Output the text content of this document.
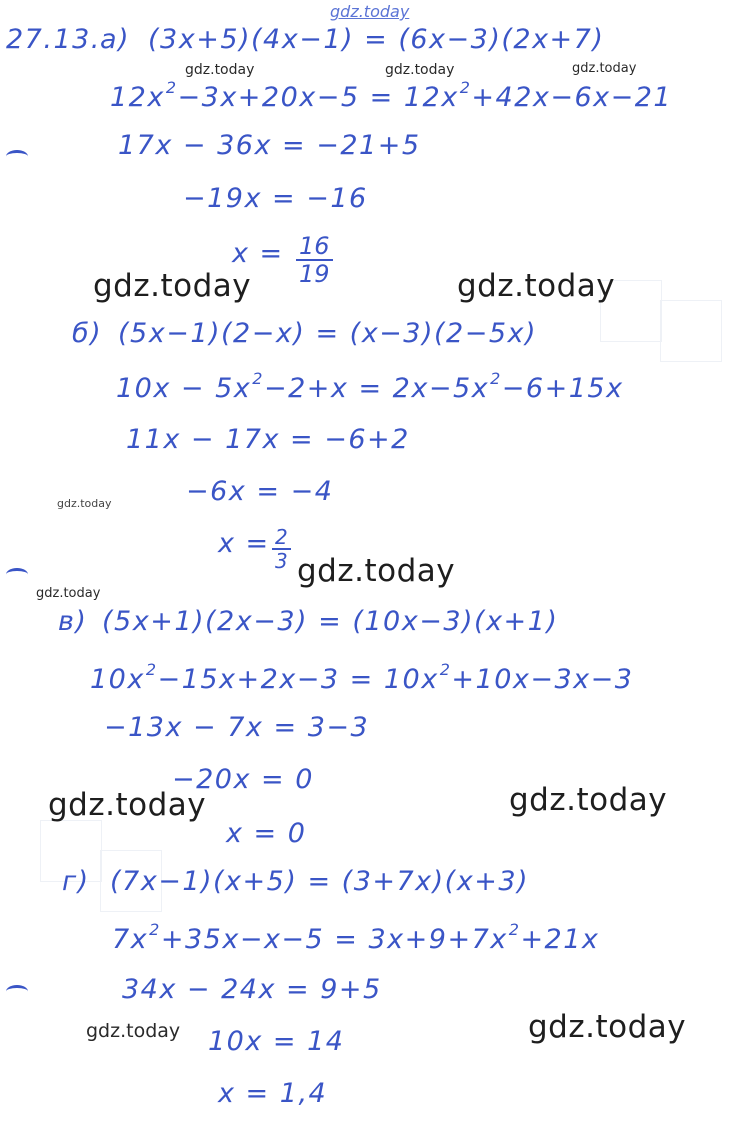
gdz.today
gdz.today	gdz.today	gdz.today
gdz.today	gdz.today
gdz.today
gdz.today
gdz.today
gdz.today	gdz.today
gdz.today	gdz.today
27.13. а) (3x+5)(4x−1) = (6x−3)(2x+7)
$12x^2-3x+20x-5 = 12x^2+42x-6x-21$
17x − 36x = −21+5
−19x = −16
$x = \frac{16}{19}$
б) (5x−1)(2−x) = (x−3)(2−5x)
$10x - 5x^2-2+x = 2x-5x^2-6+15x$
11x − 17x = −6+2
−6x = −4
$x = \frac{2}{3}$
в) (5x+1)(2x−3) = (10x−3)(x+1)
$10x^2-15x+2x-3 = 10x^2+10x-3x-3$
−13x − 7x = 3−3
−20x = 0
x = 0
г) (7x−1)(x+5) = (3+7x)(x+3)
$7x^2+35x-x-5 = 3x+9+7x^2+21x$
34x − 24x = 9+5
10x = 14
x = 1,4
